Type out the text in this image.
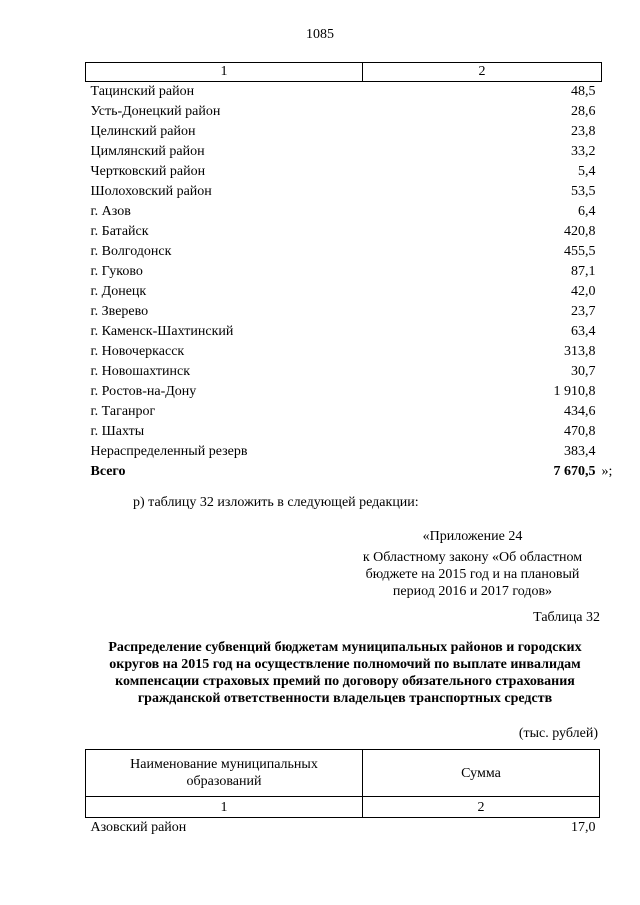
1085
1	2
Тацинский район	48,5
Усть-Донецкий район	28,6
Целинский район	23,8
Цимлянский район	33,2
Чертковский район	5,4
Шолоховский район	53,5
г. Азов	6,4
г. Батайск	420,8
г. Волгодонск	455,5
г. Гуково	87,1
г. Донецк	42,0
г. Зверево	23,7
г. Каменск-Шахтинский	63,4
г. Новочеркасск	313,8
г. Новошахтинск	30,7
г. Ростов-на-Дону	1 910,8
г. Таганрог	434,6
г. Шахты	470,8
Нераспределенный резерв	383,4
Всего	7 670,5 »;
р) таблицу 32 изложить в следующей редакции:
«Приложение 24
к Областному закону «Об областном
бюджете на 2015 год и на плановый
период 2016 и 2017 годов»
Таблица 32
Распределение субвенций бюджетам муниципальных районов и городских округов на 2015 год на осуществление полномочий по выплате инвалидам компенсации страховых премий по договору обязательного страхования гражданской ответственности владельцев транспортных средств
(тыс. рублей)
Наименование муниципальных образований	Сумма
1	2
Азовский район	17,0
